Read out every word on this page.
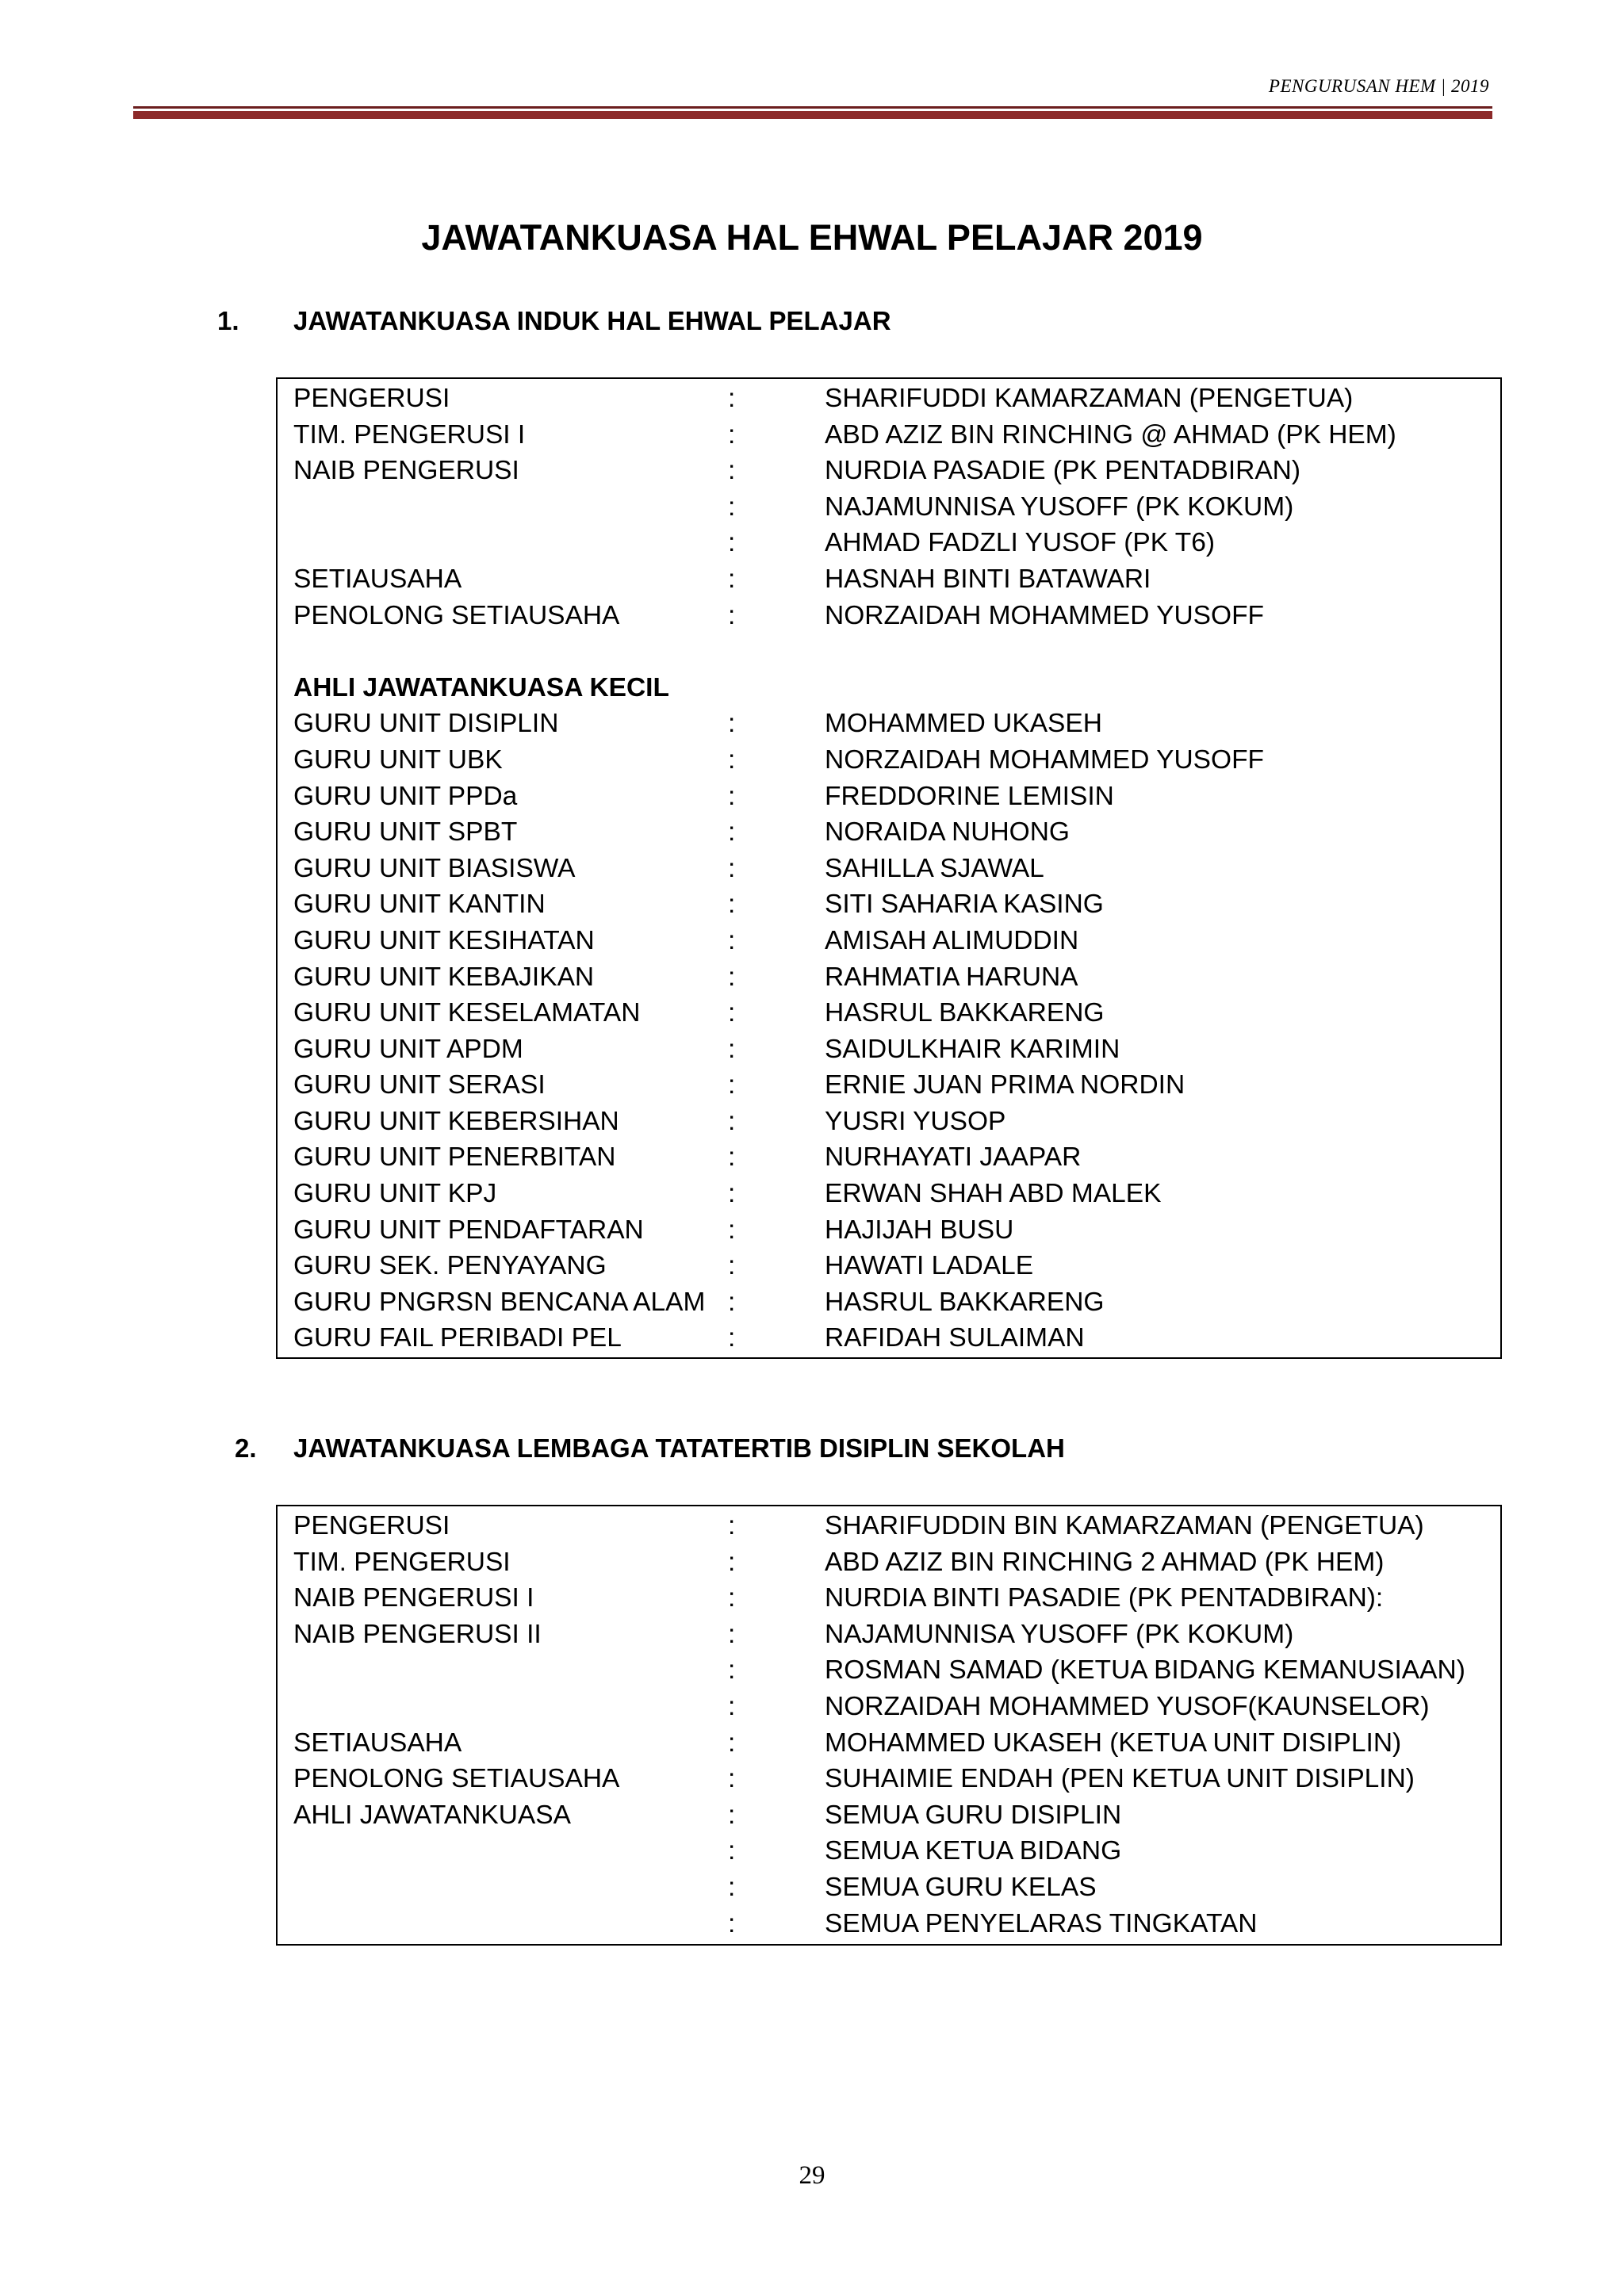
PENGURUSAN HEM | 2019
JAWATANKUASA HAL EHWAL PELAJAR 2019
1. JAWATANKUASA INDUK HAL EHWAL PELAJAR
PENGERUSI	:	SHARIFUDDI KAMARZAMAN (PENGETUA)
TIM. PENGERUSI I	:	ABD AZIZ BIN RINCHING @ AHMAD (PK HEM)
NAIB PENGERUSI	:	NURDIA PASADIE (PK PENTADBIRAN)
:	NAJAMUNNISA YUSOFF (PK KOKUM)
:	AHMAD FADZLI YUSOF (PK T6)
SETIAUSAHA	:	HASNAH BINTI BATAWARI
PENOLONG SETIAUSAHA	:	NORZAIDAH MOHAMMED YUSOFF
AHLI JAWATANKUASA KECIL
GURU UNIT DISIPLIN	:	MOHAMMED UKASEH
GURU UNIT UBK	:	NORZAIDAH MOHAMMED YUSOFF
GURU UNIT PPDa	:	FREDDORINE LEMISIN
GURU UNIT SPBT	:	NORAIDA NUHONG
GURU UNIT BIASISWA	:	SAHILLA SJAWAL
GURU UNIT KANTIN	:	SITI SAHARIA KASING
GURU UNIT KESIHATAN	:	AMISAH ALIMUDDIN
GURU UNIT KEBAJIKAN	:	RAHMATIA HARUNA
GURU UNIT KESELAMATAN	:	HASRUL BAKKARENG
GURU UNIT APDM	:	SAIDULKHAIR KARIMIN
GURU UNIT SERASI	:	ERNIE JUAN PRIMA NORDIN
GURU UNIT KEBERSIHAN	:	YUSRI YUSOP
GURU UNIT PENERBITAN	:	NURHAYATI JAAPAR
GURU UNIT KPJ	:	ERWAN SHAH ABD MALEK
GURU UNIT PENDAFTARAN	:	HAJIJAH BUSU
GURU SEK. PENYAYANG	:	HAWATI LADALE
GURU PNGRSN BENCANA ALAM :	HASRUL BAKKARENG
GURU FAIL PERIBADI PEL	:	RAFIDAH SULAIMAN
2. JAWATANKUASA LEMBAGA TATATERTIB DISIPLIN SEKOLAH
PENGERUSI	:	SHARIFUDDIN BIN KAMARZAMAN (PENGETUA)
TIM. PENGERUSI	:	ABD AZIZ BIN RINCHING 2 AHMAD (PK HEM)
NAIB PENGERUSI I	:	NURDIA BINTI PASADIE (PK PENTADBIRAN):
NAIB PENGERUSI II	:	NAJAMUNNISA YUSOFF (PK KOKUM)
:	ROSMAN SAMAD (KETUA BIDANG KEMANUSIAAN)
:	NORZAIDAH MOHAMMED YUSOF(KAUNSELOR)
SETIAUSAHA	:	MOHAMMED UKASEH (KETUA UNIT DISIPLIN)
PENOLONG SETIAUSAHA	:	SUHAIMIE ENDAH (PEN KETUA UNIT DISIPLIN)
AHLI JAWATANKUASA	:	SEMUA GURU DISIPLIN
:	SEMUA KETUA BIDANG
:	SEMUA GURU KELAS
:	SEMUA PENYELARAS TINGKATAN
29
